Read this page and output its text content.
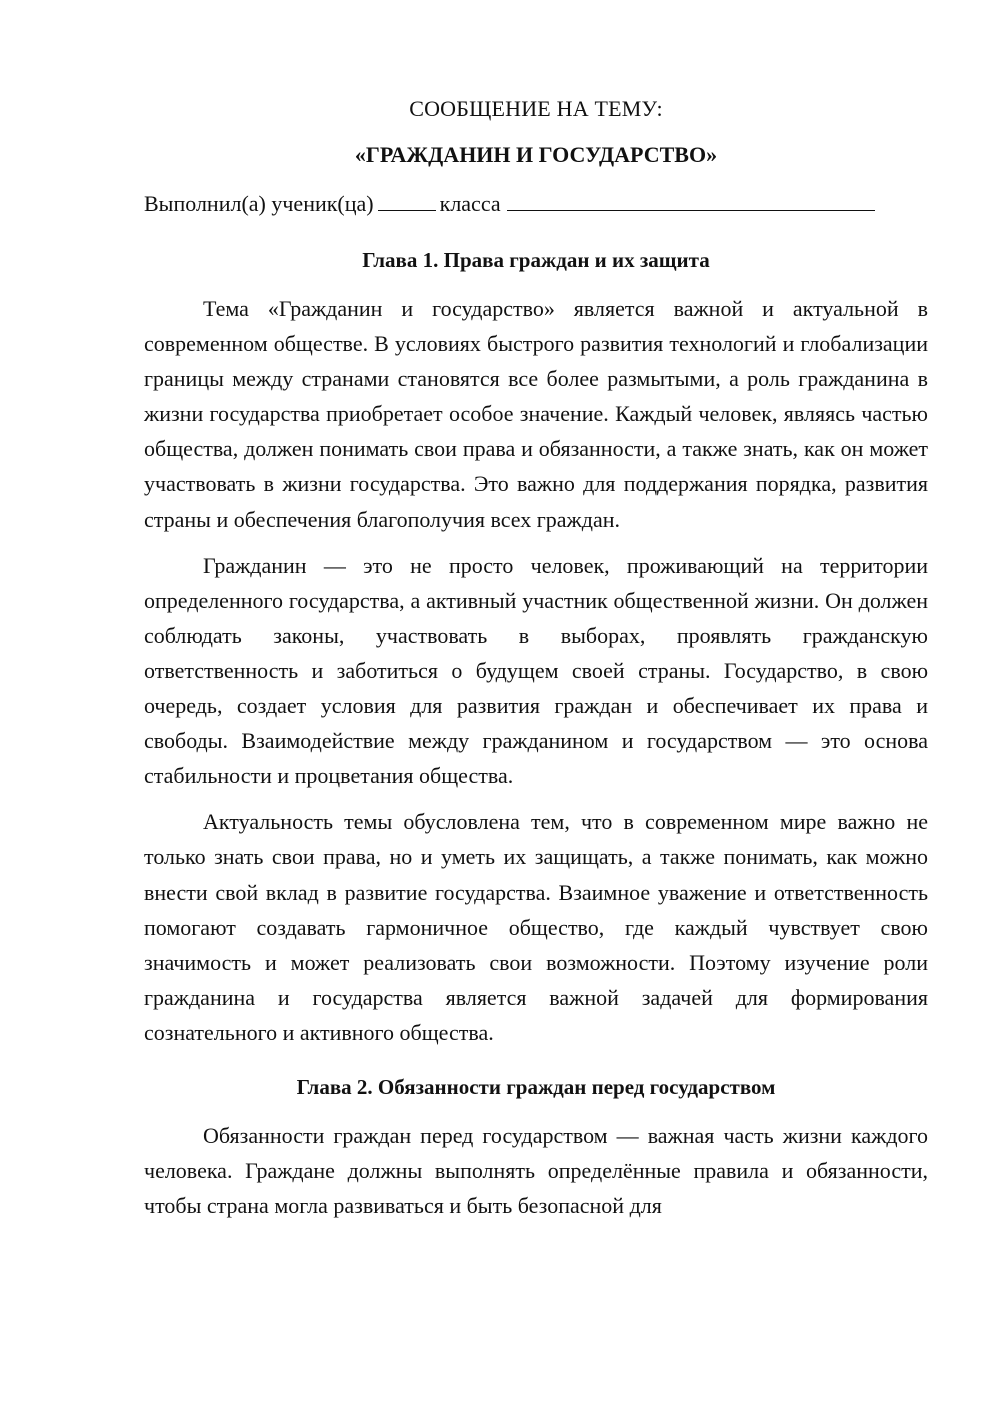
СООБЩЕНИЕ НА ТЕМУ:

«ГРАЖДАНИН И ГОСУДАРСТВО»

Выполнил(а) ученик(ца)	класса

Глава 1. Права граждан и их защита

Тема «Гражданин и государство» является важной и актуальной в современном обществе. В условиях быстрого развития технологий и глобализации границы между странами становятся все более размытыми, а роль гражданина в жизни государства приобретает особое значение. Каждый человек, являясь частью общества, должен понимать свои права и обязанности, а также знать, как он может участвовать в жизни государства. Это важно для поддержания порядка, развития страны и обеспечения благополучия всех граждан.

Гражданин — это не просто человек, проживающий на территории определенного государства, а активный участник общественной жизни. Он должен соблюдать законы, участвовать в выборах, проявлять гражданскую ответственность и заботиться о будущем своей страны. Государство, в свою очередь, создает условия для развития граждан и обеспечивает их права и свободы. Взаимодействие между гражданином и государством — это основа стабильности и процветания общества.

Актуальность темы обусловлена тем, что в современном мире важно не только знать свои права, но и уметь их защищать, а также понимать, как можно внести свой вклад в развитие государства. Взаимное уважение и ответственность помогают создавать гармоничное общество, где каждый чувствует свою значимость и может реализовать свои возможности. Поэтому изучение роли гражданина и государства является важной задачей для формирования сознательного и активного общества.

Глава 2. Обязанности граждан перед государством

Обязанности граждан перед государством — важная часть жизни каждого человека. Граждане должны выполнять определённые правила и обязанности, чтобы страна могла развиваться и быть безопасной для
